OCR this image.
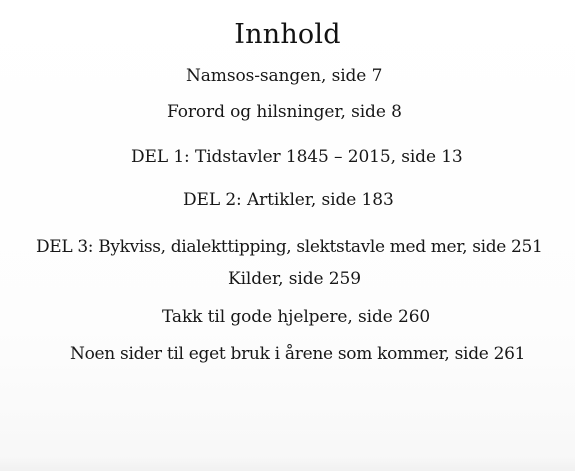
Innhold
Namsos-sangen, side 7
Forord og hilsninger, side 8
DEL 1: Tidstavler 1845 – 2015, side 13
DEL 2: Artikler, side 183
DEL 3: Bykviss, dialekttipping, slektstavle med mer, side 251
Kilder, side 259
Takk til gode hjelpere, side 260
Noen sider til eget bruk i årene som kommer, side 261
